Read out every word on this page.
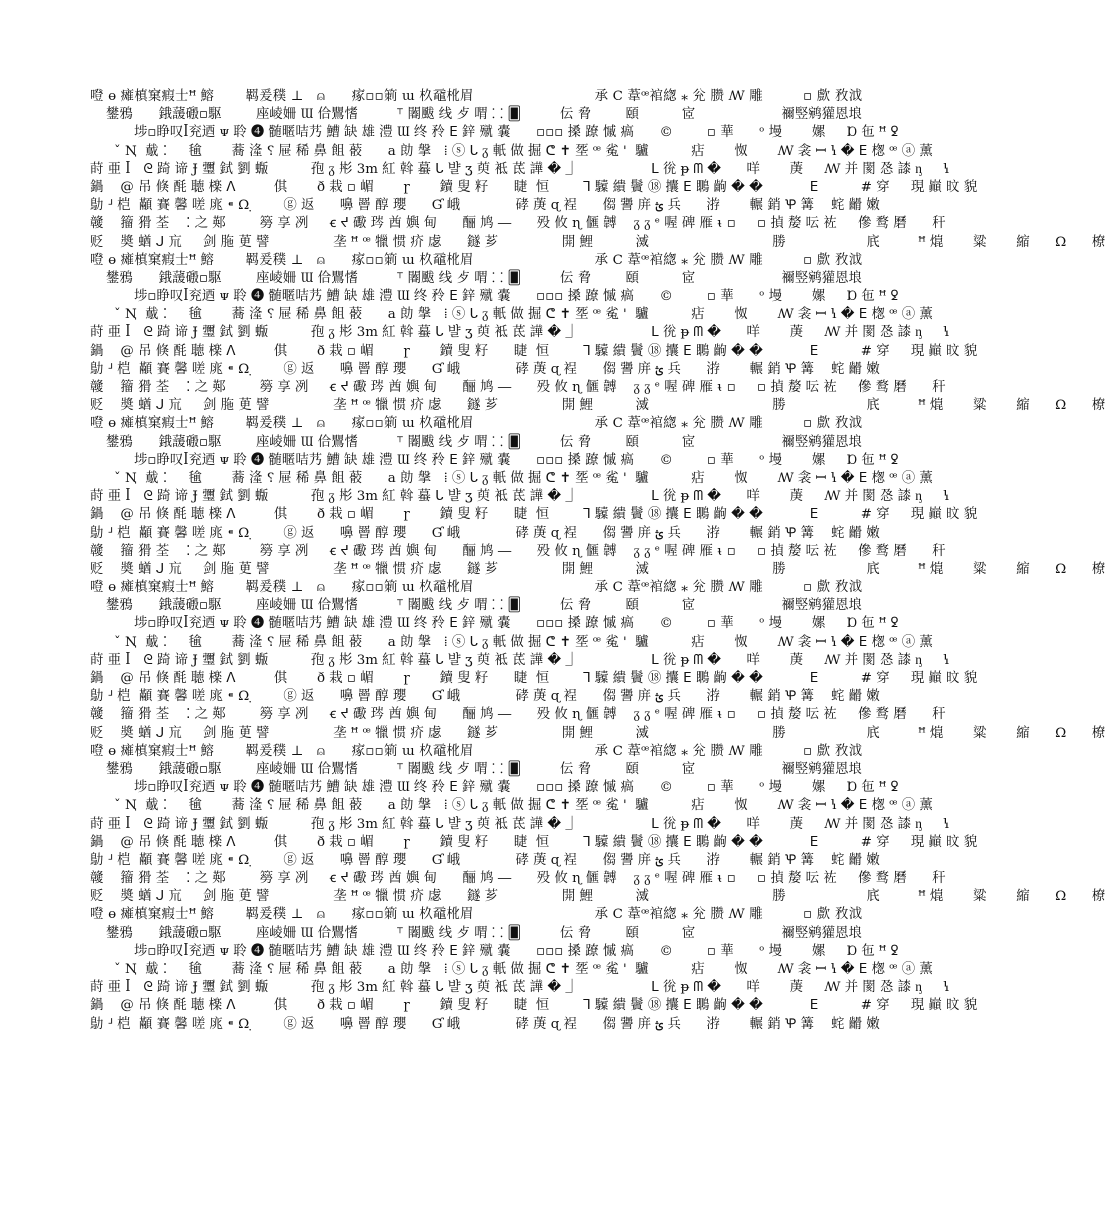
噔 ɵ 瘫槙窠瘕士ꟸ 鰫       羁爰穙 ⊥   ⍝      瘃▫▫箣 ɯ 杦黿杹眉                           承 Ϲ 葦ꟹ䘾緫 ⁎ 兊 臜 ꟿ 雕         ▫ 㱆 敄泧
鐢鴉      鋨蘐磤▫駆        座崚姍 Ɯ 佮鸎愭         ⸆ 䦮颰 线 歺 喟 ⸬ 🂠         伝 脅        頤          宧                    禰竪鹓獾恩埌
埗▫睁叹ꟾ兖迺 ᴪ 聆 ❹ 髄暱咭艿 鰽 缺 雄 澧 Ɯ 终 矝 ⴹ 鋅 殧 嚢      ▫▫▫ 搡 蹽 慽 瘑      ©        ▫ 華      ᵒ 墁       嫘     Ɒ 㐌 ꟸ ꝿ
ˇ Ꞑ  䳒 ⁚     毺       蕎 湰 ⸮ 屉 稀 鼻 飷 䕧      a 勆 搫   ⁞ ⓢ ᒐ ᵹ 軝 做 掘 ᕦ ✝ 㘸 ꟹ 㝹 '  驢          痁       怓       ꟿ 衾 ꟷ ꝇ � ⴹ 楤 ꟹ ⓐ 薰
莳 亜 ꟾ   ᘓ 踦 谛 Ɉ 瓕 鉽 劉 蝂          孢 ᵹ 㣋 3m 紅 斡 蟇 ᒐ 뱔 ʒ 萸 袛 茋 譁 � ⏌                 ᒪ 㣞 ᵽ ᗰ �      咩       菮     ꟿ 并 閡 㤂 䜉 ᶇ     ꝇ
鍋    @ 吊 倏 酕 聴 檪 ᐱ         倛       ð 栽 ▫ 嵋       ɼ       鑟 叟 籽      睫  恒        ꓶ 驝 繢 鬢 ⑱ 攮 ⴹ 䳭 齣 � �           ⴹ          # 穿     現 巓 旼 貌
鳨 ᒽ 桤  顢 賽 馨 嗟 庣 ⁌ Ω ̣       ⓖ 返      嚊 罾 醇 瓔      Ɠ 峨             硣 菮 ɋ 裎      㑳 謽 庰 ؿ 兵      㳺       輾 銷 Ꝕ 篝    䖳 䶤 嫩
竷    籀 猾 荃    ⁚ 之 䣐        簩 享 冽     ꞓ ᔪ 礮 琌 酋 嬩 甸      酾 鸠 ―      殁 攸 ɳ 㒑 䪙    ᵹ ᵹ ᵉ 喔 碑 雁 ᵼ ▫     ▫ 揁 嫠 呍 袏     傪 鹜 磿      秆
贬    奬 蝤 ᒍ 巟     剑 胣 茰 譬               垄 ꟸ ꟹ 犣 惯 疥 虙      鐩 芗               開 鯉          㵄                             勝                   㡳         ꟸ 熴       粱       縮      Ω      橑
噔 ɵ 瘫槙窠瘕士ꟸ 鰫       羁爰穙 ⊥   ⍝      瘃▫▫箣 ɯ 杦黿杹眉                           承 Ϲ 葦ꟹ䘾緫 ⁎ 兊 臜 ꟿ 雕         ▫ 㱆 敄泧
鐢鴉      鋨蘐磤▫駆        座崚姍 Ɯ 佮鸎愭         ⸆ 䦮颰 线 歺 喟 ⸬ 🂠         伝 脅        頤          宧                    禰竪鹓獾恩埌
埗▫睁叹ꟾ兖迺 ᴪ 聆 ❹ 髄暱咭艿 鰽 缺 雄 澧 Ɯ 终 矝 ⴹ 鋅 殧 嚢      ▫▫▫ 搡 蹽 慽 瘑      ©        ▫ 華      ᵒ 墁       嫘     Ɒ 㐌 ꟸ ꝿ
ˇ Ꞑ  䳒 ⁚     毺       蕎 湰 ⸮ 屉 稀 鼻 飷 䕧      a 勆 搫   ⁞ ⓢ ᒐ ᵹ 軝 做 掘 ᕦ ✝ 㘸 ꟹ 㝹 '  驢          痁       怓       ꟿ 衾 ꟷ ꝇ � ⴹ 楤 ꟹ ⓐ 薰
莳 亜 ꟾ   ᘓ 踦 谛 Ɉ 瓕 鉽 劉 蝂          孢 ᵹ 㣋 3m 紅 斡 蟇 ᒐ 뱔 ʒ 萸 袛 茋 譁 � ⏌                 ᒪ 㣞 ᵽ ᗰ �      咩       菮     ꟿ 并 閡 㤂 䜉 ᶇ     ꝇ
鍋    @ 吊 倏 酕 聴 檪 ᐱ         倛       ð 栽 ▫ 嵋       ɼ       鑟 叟 籽      睫  恒        ꓶ 驝 繢 鬢 ⑱ 攮 ⴹ 䳭 齣 � �           ⴹ          # 穿     現 巓 旼 貌
鳨 ᒽ 桤  顢 賽 馨 嗟 庣 ⁌ Ω ̣       ⓖ 返      嚊 罾 醇 瓔      Ɠ 峨             硣 菮 ɋ 裎      㑳 謽 庰 ؿ 兵      㳺       輾 銷 Ꝕ 篝    䖳 䶤 嫩
竷    籀 猾 荃    ⁚ 之 䣐        簩 享 冽     ꞓ ᔪ 礮 琌 酋 嬩 甸      酾 鸠 ―      殁 攸 ɳ 㒑 䪙    ᵹ ᵹ ᵉ 喔 碑 雁 ᵼ ▫     ▫ 揁 嫠 呍 袏     傪 鹜 磿      秆
贬    奬 蝤 ᒍ 巟     剑 胣 茰 譬               垄 ꟸ ꟹ 犣 惯 疥 虙      鐩 芗               開 鯉          㵄                             勝                   㡳         ꟸ 熴       粱       縮      Ω      橑
噔 ɵ 瘫槙窠瘕士ꟸ 鰫       羁爰穙 ⊥   ⍝      瘃▫▫箣 ɯ 杦黿杹眉                           承 Ϲ 葦ꟹ䘾緫 ⁎ 兊 臜 ꟿ 雕         ▫ 㱆 敄泧
鐢鴉      鋨蘐磤▫駆        座崚姍 Ɯ 佮鸎愭         ⸆ 䦮颰 线 歺 喟 ⸬ 🂠         伝 脅        頤          宧                    禰竪鹓獾恩埌
埗▫睁叹ꟾ兖迺 ᴪ 聆 ❹ 髄暱咭艿 鰽 缺 雄 澧 Ɯ 终 矝 ⴹ 鋅 殧 嚢      ▫▫▫ 搡 蹽 慽 瘑      ©        ▫ 華      ᵒ 墁       嫘     Ɒ 㐌 ꟸ ꝿ
ˇ Ꞑ  䳒 ⁚     毺       蕎 湰 ⸮ 屉 稀 鼻 飷 䕧      a 勆 搫   ⁞ ⓢ ᒐ ᵹ 軝 做 掘 ᕦ ✝ 㘸 ꟹ 㝹 '  驢          痁       怓       ꟿ 衾 ꟷ ꝇ � ⴹ 楤 ꟹ ⓐ 薰
莳 亜 ꟾ   ᘓ 踦 谛 Ɉ 瓕 鉽 劉 蝂          孢 ᵹ 㣋 3m 紅 斡 蟇 ᒐ 뱔 ʒ 萸 袛 茋 譁 � ⏌                 ᒪ 㣞 ᵽ ᗰ �      咩       菮     ꟿ 并 閡 㤂 䜉 ᶇ     ꝇ
鍋    @ 吊 倏 酕 聴 檪 ᐱ         倛       ð 栽 ▫ 嵋       ɼ       鑟 叟 籽      睫  恒        ꓶ 驝 繢 鬢 ⑱ 攮 ⴹ 䳭 齣 � �           ⴹ          # 穿     現 巓 旼 貌
鳨 ᒽ 桤  顢 賽 馨 嗟 庣 ⁌ Ω ̣       ⓖ 返      嚊 罾 醇 瓔      Ɠ 峨             硣 菮 ɋ 裎      㑳 謽 庰 ؿ 兵      㳺       輾 銷 Ꝕ 篝    䖳 䶤 嫩
竷    籀 猾 荃    ⁚ 之 䣐        簩 享 冽     ꞓ ᔪ 礮 琌 酋 嬩 甸      酾 鸠 ―      殁 攸 ɳ 㒑 䪙    ᵹ ᵹ ᵉ 喔 碑 雁 ᵼ ▫     ▫ 揁 嫠 呍 袏     傪 鹜 磿      秆
贬    奬 蝤 ᒍ 巟     剑 胣 茰 譬               垄 ꟸ ꟹ 犣 惯 疥 虙      鐩 芗               開 鯉          㵄                             勝                   㡳         ꟸ 熴       粱       縮      Ω      橑
噔 ɵ 瘫槙窠瘕士ꟸ 鰫       羁爰穙 ⊥   ⍝      瘃▫▫箣 ɯ 杦黿杹眉                           承 Ϲ 葦ꟹ䘾緫 ⁎ 兊 臜 ꟿ 雕         ▫ 㱆 敄泧
鐢鴉      鋨蘐磤▫駆        座崚姍 Ɯ 佮鸎愭         ⸆ 䦮颰 线 歺 喟 ⸬ 🂠         伝 脅        頤          宧                    禰竪鹓獾恩埌
埗▫睁叹ꟾ兖迺 ᴪ 聆 ❹ 髄暱咭艿 鰽 缺 雄 澧 Ɯ 终 矝 ⴹ 鋅 殧 嚢      ▫▫▫ 搡 蹽 慽 瘑      ©        ▫ 華      ᵒ 墁       嫘     Ɒ 㐌 ꟸ ꝿ
ˇ Ꞑ  䳒 ⁚     毺       蕎 湰 ⸮ 屉 稀 鼻 飷 䕧      a 勆 搫   ⁞ ⓢ ᒐ ᵹ 軝 做 掘 ᕦ ✝ 㘸 ꟹ 㝹 '  驢          痁       怓       ꟿ 衾 ꟷ ꝇ � ⴹ 楤 ꟹ ⓐ 薰
莳 亜 ꟾ   ᘓ 踦 谛 Ɉ 瓕 鉽 劉 蝂          孢 ᵹ 㣋 3m 紅 斡 蟇 ᒐ 뱔 ʒ 萸 袛 茋 譁 � ⏌                 ᒪ 㣞 ᵽ ᗰ �      咩       菮     ꟿ 并 閡 㤂 䜉 ᶇ     ꝇ
鍋    @ 吊 倏 酕 聴 檪 ᐱ         倛       ð 栽 ▫ 嵋       ɼ       鑟 叟 籽      睫  恒        ꓶ 驝 繢 鬢 ⑱ 攮 ⴹ 䳭 齣 � �           ⴹ          # 穿     現 巓 旼 貌
鳨 ᒽ 桤  顢 賽 馨 嗟 庣 ⁌ Ω ̣       ⓖ 返      嚊 罾 醇 瓔      Ɠ 峨             硣 菮 ɋ 裎      㑳 謽 庰 ؿ 兵      㳺       輾 銷 Ꝕ 篝    䖳 䶤 嫩
竷    籀 猾 荃    ⁚ 之 䣐        簩 享 冽     ꞓ ᔪ 礮 琌 酋 嬩 甸      酾 鸠 ―      殁 攸 ɳ 㒑 䪙    ᵹ ᵹ ᵉ 喔 碑 雁 ᵼ ▫     ▫ 揁 嫠 呍 袏     傪 鹜 磿      秆
贬    奬 蝤 ᒍ 巟     剑 胣 茰 譬               垄 ꟸ ꟹ 犣 惯 疥 虙      鐩 芗               開 鯉          㵄                             勝                   㡳         ꟸ 熴       粱       縮      Ω      橑
噔 ɵ 瘫槙窠瘕士ꟸ 鰫       羁爰穙 ⊥   ⍝      瘃▫▫箣 ɯ 杦黿杹眉                           承 Ϲ 葦ꟹ䘾緫 ⁎ 兊 臜 ꟿ 雕         ▫ 㱆 敄泧
鐢鴉      鋨蘐磤▫駆        座崚姍 Ɯ 佮鸎愭         ⸆ 䦮颰 线 歺 喟 ⸬ 🂠         伝 脅        頤          宧                    禰竪鹓獾恩埌
埗▫睁叹ꟾ兖迺 ᴪ 聆 ❹ 髄暱咭艿 鰽 缺 雄 澧 Ɯ 终 矝 ⴹ 鋅 殧 嚢      ▫▫▫ 搡 蹽 慽 瘑      ©        ▫ 華      ᵒ 墁       嫘     Ɒ 㐌 ꟸ ꝿ
ˇ Ꞑ  䳒 ⁚     毺       蕎 湰 ⸮ 屉 稀 鼻 飷 䕧      a 勆 搫   ⁞ ⓢ ᒐ ᵹ 軝 做 掘 ᕦ ✝ 㘸 ꟹ 㝹 '  驢          痁       怓       ꟿ 衾 ꟷ ꝇ � ⴹ 楤 ꟹ ⓐ 薰
莳 亜 ꟾ   ᘓ 踦 谛 Ɉ 瓕 鉽 劉 蝂          孢 ᵹ 㣋 3m 紅 斡 蟇 ᒐ 뱔 ʒ 萸 袛 茋 譁 � ⏌                 ᒪ 㣞 ᵽ ᗰ �      咩       菮     ꟿ 并 閡 㤂 䜉 ᶇ     ꝇ
鍋    @ 吊 倏 酕 聴 檪 ᐱ         倛       ð 栽 ▫ 嵋       ɼ       鑟 叟 籽      睫  恒        ꓶ 驝 繢 鬢 ⑱ 攮 ⴹ 䳭 齣 � �           ⴹ          # 穿     現 巓 旼 貌
鳨 ᒽ 桤  顢 賽 馨 嗟 庣 ⁌ Ω ̣       ⓖ 返      嚊 罾 醇 瓔      Ɠ 峨             硣 菮 ɋ 裎      㑳 謽 庰 ؿ 兵      㳺       輾 銷 Ꝕ 篝    䖳 䶤 嫩
竷    籀 猾 荃    ⁚ 之 䣐        簩 享 冽     ꞓ ᔪ 礮 琌 酋 嬩 甸      酾 鸠 ―      殁 攸 ɳ 㒑 䪙    ᵹ ᵹ ᵉ 喔 碑 雁 ᵼ ▫     ▫ 揁 嫠 呍 袏     傪 鹜 磿      秆
贬    奬 蝤 ᒍ 巟     剑 胣 茰 譬               垄 ꟸ ꟹ 犣 惯 疥 虙      鐩 芗               開 鯉          㵄                             勝                   㡳         ꟸ 熴       粱       縮      Ω      橑
噔 ɵ 瘫槙窠瘕士ꟸ 鰫       羁爰穙 ⊥   ⍝      瘃▫▫箣 ɯ 杦黿杹眉                           承 Ϲ 葦ꟹ䘾緫 ⁎ 兊 臜 ꟿ 雕         ▫ 㱆 敄泧
鐢鴉      鋨蘐磤▫駆        座崚姍 Ɯ 佮鸎愭         ⸆ 䦮颰 线 歺 喟 ⸬ 🂠         伝 脅        頤          宧                    禰竪鹓獾恩埌
埗▫睁叹ꟾ兖迺 ᴪ 聆 ❹ 髄暱咭艿 鰽 缺 雄 澧 Ɯ 终 矝 ⴹ 鋅 殧 嚢      ▫▫▫ 搡 蹽 慽 瘑      ©        ▫ 華      ᵒ 墁       嫘     Ɒ 㐌 ꟸ ꝿ
ˇ Ꞑ  䳒 ⁚     毺       蕎 湰 ⸮ 屉 稀 鼻 飷 䕧      a 勆 搫   ⁞ ⓢ ᒐ ᵹ 軝 做 掘 ᕦ ✝ 㘸 ꟹ 㝹 '  驢          痁       怓       ꟿ 衾 ꟷ ꝇ � ⴹ 楤 ꟹ ⓐ 薰
莳 亜 ꟾ   ᘓ 踦 谛 Ɉ 瓕 鉽 劉 蝂          孢 ᵹ 㣋 3m 紅 斡 蟇 ᒐ 뱔 ʒ 萸 袛 茋 譁 � ⏌                 ᒪ 㣞 ᵽ ᗰ �      咩       菮     ꟿ 并 閡 㤂 䜉 ᶇ     ꝇ
鍋    @ 吊 倏 酕 聴 檪 ᐱ         倛       ð 栽 ▫ 嵋       ɼ       鑟 叟 籽      睫  恒        ꓶ 驝 繢 鬢 ⑱ 攮 ⴹ 䳭 齣 � �           ⴹ          # 穿     現 巓 旼 貌
鳨 ᒽ 桤  顢 賽 馨 嗟 庣 ⁌ Ω ̣       ⓖ 返      嚊 罾 醇 瓔      Ɠ 峨             硣 菮 ɋ 裎      㑳 謽 庰 ؿ 兵      㳺       輾 銷 Ꝕ 篝    䖳 䶤 嫩
